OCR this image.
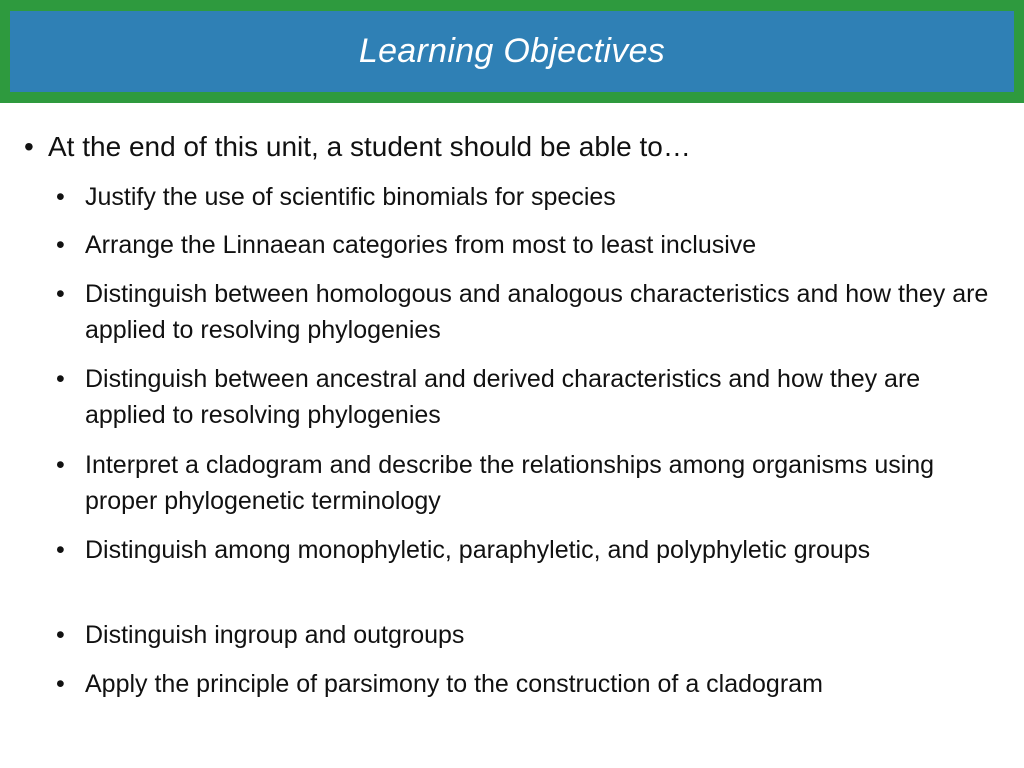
Learning Objectives
• At the end of this unit, a student should be able to…
• Justify the use of scientific binomials for species
• Arrange the Linnaean categories from most to least inclusive
• Distinguish between homologous and analogous characteristics and how they are applied to resolving phylogenies
• Distinguish between ancestral and derived characteristics and how they are applied to resolving phylogenies
• Interpret a cladogram and describe the relationships among organisms using proper phylogenetic terminology
• Distinguish among monophyletic, paraphyletic, and polyphyletic groups
• Distinguish ingroup and outgroups
• Apply the principle of parsimony to the construction of a cladogram
